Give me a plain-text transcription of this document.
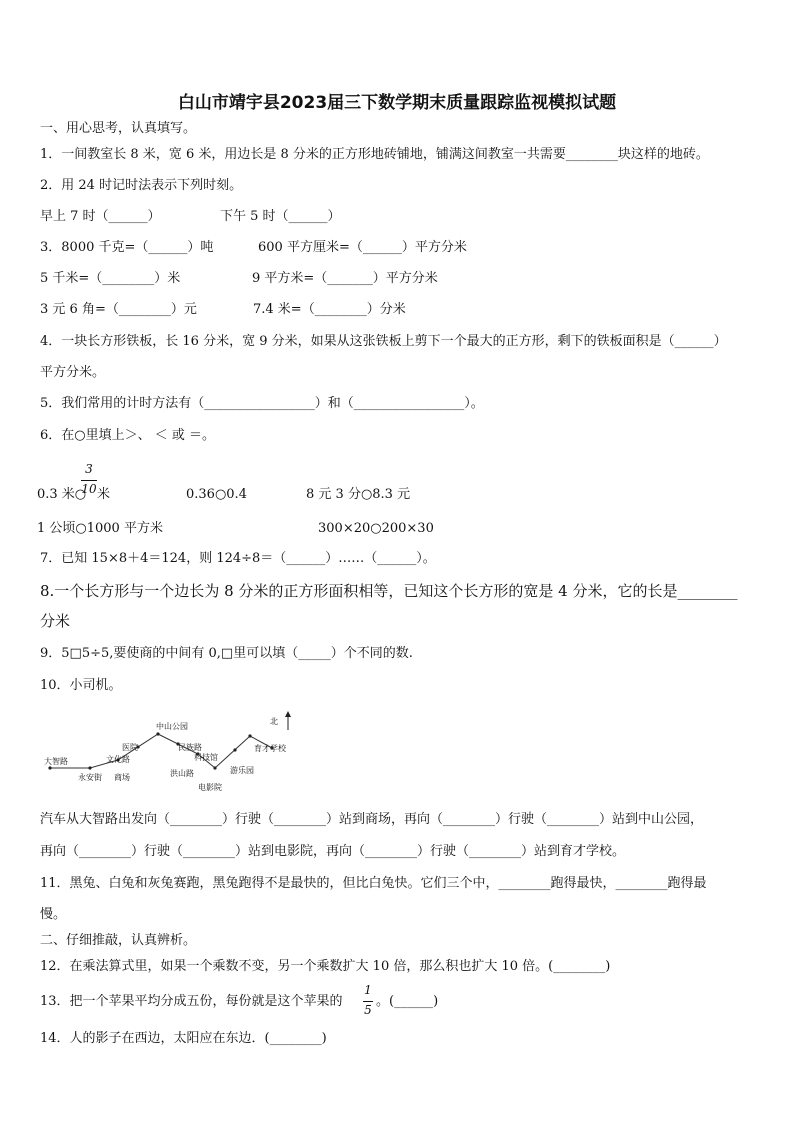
白山市靖宇县2023届三下数学期末质量跟踪监视模拟试题
一、用心思考，认真填写。
1．一间教室长 8 米，宽 6 米，用边长是 8 分米的正方形地砖铺地，铺满这间教室一共需要________块这样的地砖。
2．用 24 时记时法表示下列时刻。
早上 7 时（______）	下午 5 时（______）
3．8000 千克=（______）吨	600 平方厘米=（______）平方分米
5 千米=（________）米	9 平方米=（_______）平方分米
3 元 6 角=（________）元	7.4 米=（________）分米
4．一块长方形铁板，长 16 分米，宽 9 分米，如果从这张铁板上剪下一个最大的正方形，剩下的铁板面积是（______）
平方分米。
5．我们常用的计时方法有（_________________）和（_________________）。
6．在○里填上＞、 ＜ 或 ＝。
3
10
0.3 米○ 米	0.36○0.4	8 元 3 分○8.3 元
1 公顷○1000 平方米	300×20○200×30
7．已知 15×8＋4＝124，则 124÷8＝（______）……（______）。
8.一个长方形与一个边长为 8 分米的正方形面积相等，已知这个长方形的宽是 4 分米，它的长是________
分米
9．5□5÷5,要使商的中间有 0,□里可以填（_____）个不同的数.
10．小司机。
北
大智路
永安街 商场
文化路
医院
中山公园
民族路
科技馆
洪山路
电影院
游乐园
育才学校
汽车从大智路出发向（________）行驶（________）站到商场，再向（________）行驶（________）站到中山公园，
再向（________）行驶（________）站到电影院，再向（________）行驶（________）站到育才学校。
11．黑兔、白兔和灰兔赛跑，黑兔跑得不是最快的，但比白兔快。它们三个中，________跑得最快，________跑得最
慢。
二、仔细推敲，认真辨析。
12．在乘法算式里，如果一个乘数不变，另一个乘数扩大 10 倍，那么积也扩大 10 倍。(________)
13．把一个苹果平均分成五份，每份就是这个苹果的
1
5
。(______)
14．人的影子在西边，太阳应在东边．(________)
